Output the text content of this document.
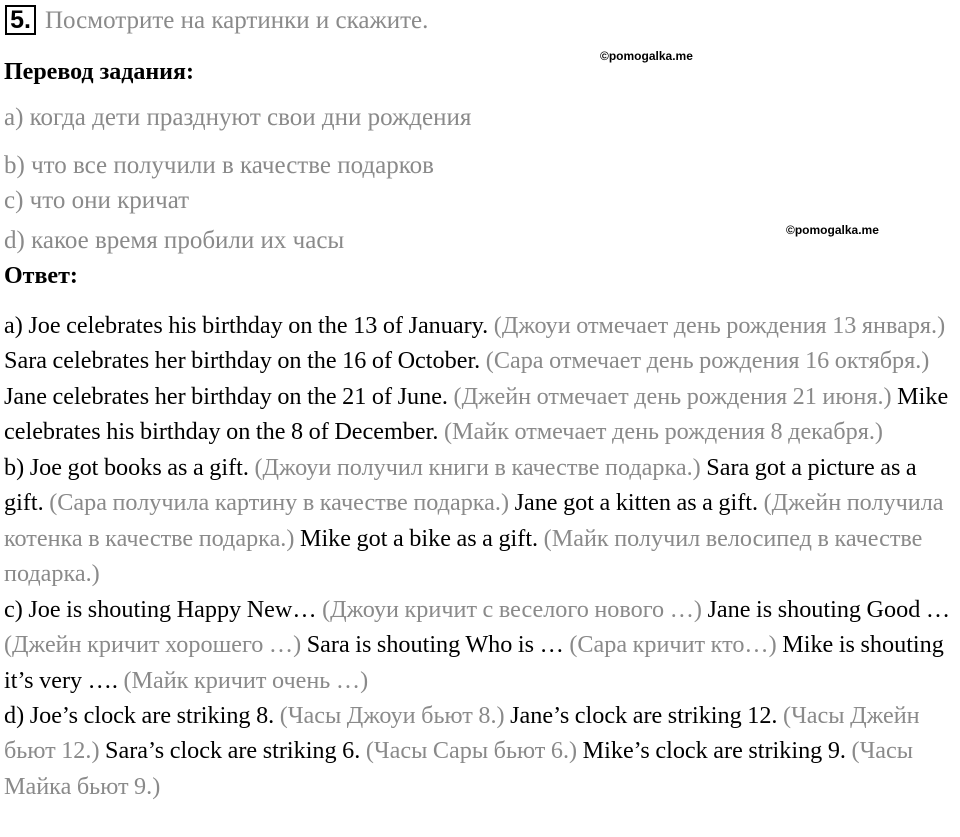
5. Посмотрите на картинки и скажите.
Перевод задания:
©pomogalka.me
а) когда дети празднуют свои дни рождения
b) что все получили в качестве подарков
с) что они кричат
©pomogalka.me
d) какое время пробили их часы
Ответ:
a) Joe celebrates his birthday on the 13 of January. (Джоуи отмечает день рождения 13 января.) Sara celebrates her birthday on the 16 of October. (Сара отмечает день рождения 16 октября.) Jane celebrates her birthday on the 21 of June. (Джейн отмечает день рождения 21 июня.) Mike celebrates his birthday on the 8 of December. (Майк отмечает день рождения 8 декабря.)
b) Joe got books as a gift. (Джоуи получил книги в качестве подарка.) Sara got a picture as a gift. (Сара получила картину в качестве подарка.) Jane got a kitten as a gift. (Джейн получила котенка в качестве подарка.) Mike got a bike as a gift. (Майк получил велосипед в качестве подарка.)
c) Joe is shouting Happy New… (Джоуи кричит с веселого нового …) Jane is shouting Good … (Джейн кричит хорошего …) Sara is shouting Who is … (Сара кричит кто…) Mike is shouting it’s very …. (Майк кричит очень …)
d) Joe’s clock are striking 8. (Часы Джоуи бьют 8.) Jane’s clock are striking 12. (Часы Джейн бьют 12.) Sara’s clock are striking 6. (Часы Сары бьют 6.) Mike’s clock are striking 9. (Часы Майка бьют 9.)
